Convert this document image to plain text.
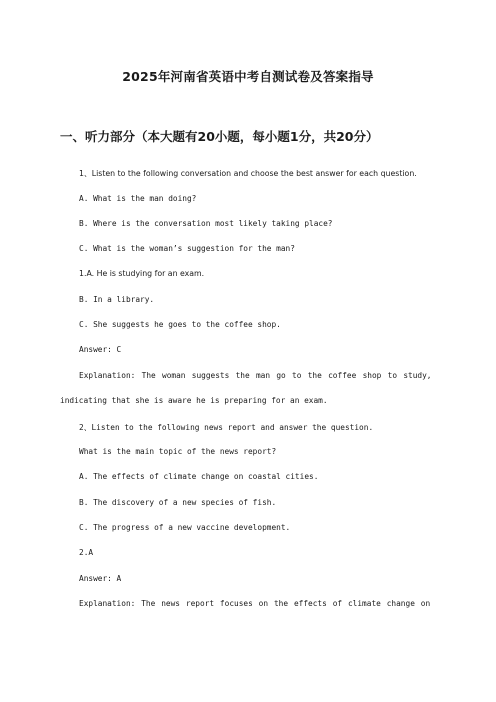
2025年河南省英语中考自测试卷及答案指导
一、听力部分（本大题有20小题，每小题1分，共20分）
1、Listen to the following conversation and choose the best answer for each question.
A. What is the man doing?
B. Where is the conversation most likely taking place?
C. What is the woman’s suggestion for the man?
1.A. He is studying for an exam.
B. In a library.
C. She suggests he goes to the coffee shop.
Answer: C
Explanation: The woman suggests the man go to the coffee shop to study,
indicating that she is aware he is preparing for an exam.
2、Listen to the following news report and answer the question.
What is the main topic of the news report?
A. The effects of climate change on coastal cities.
B. The discovery of a new species of fish.
C. The progress of a new vaccine development.
2.A
Answer: A
Explanation: The news report focuses on the effects of climate change on
